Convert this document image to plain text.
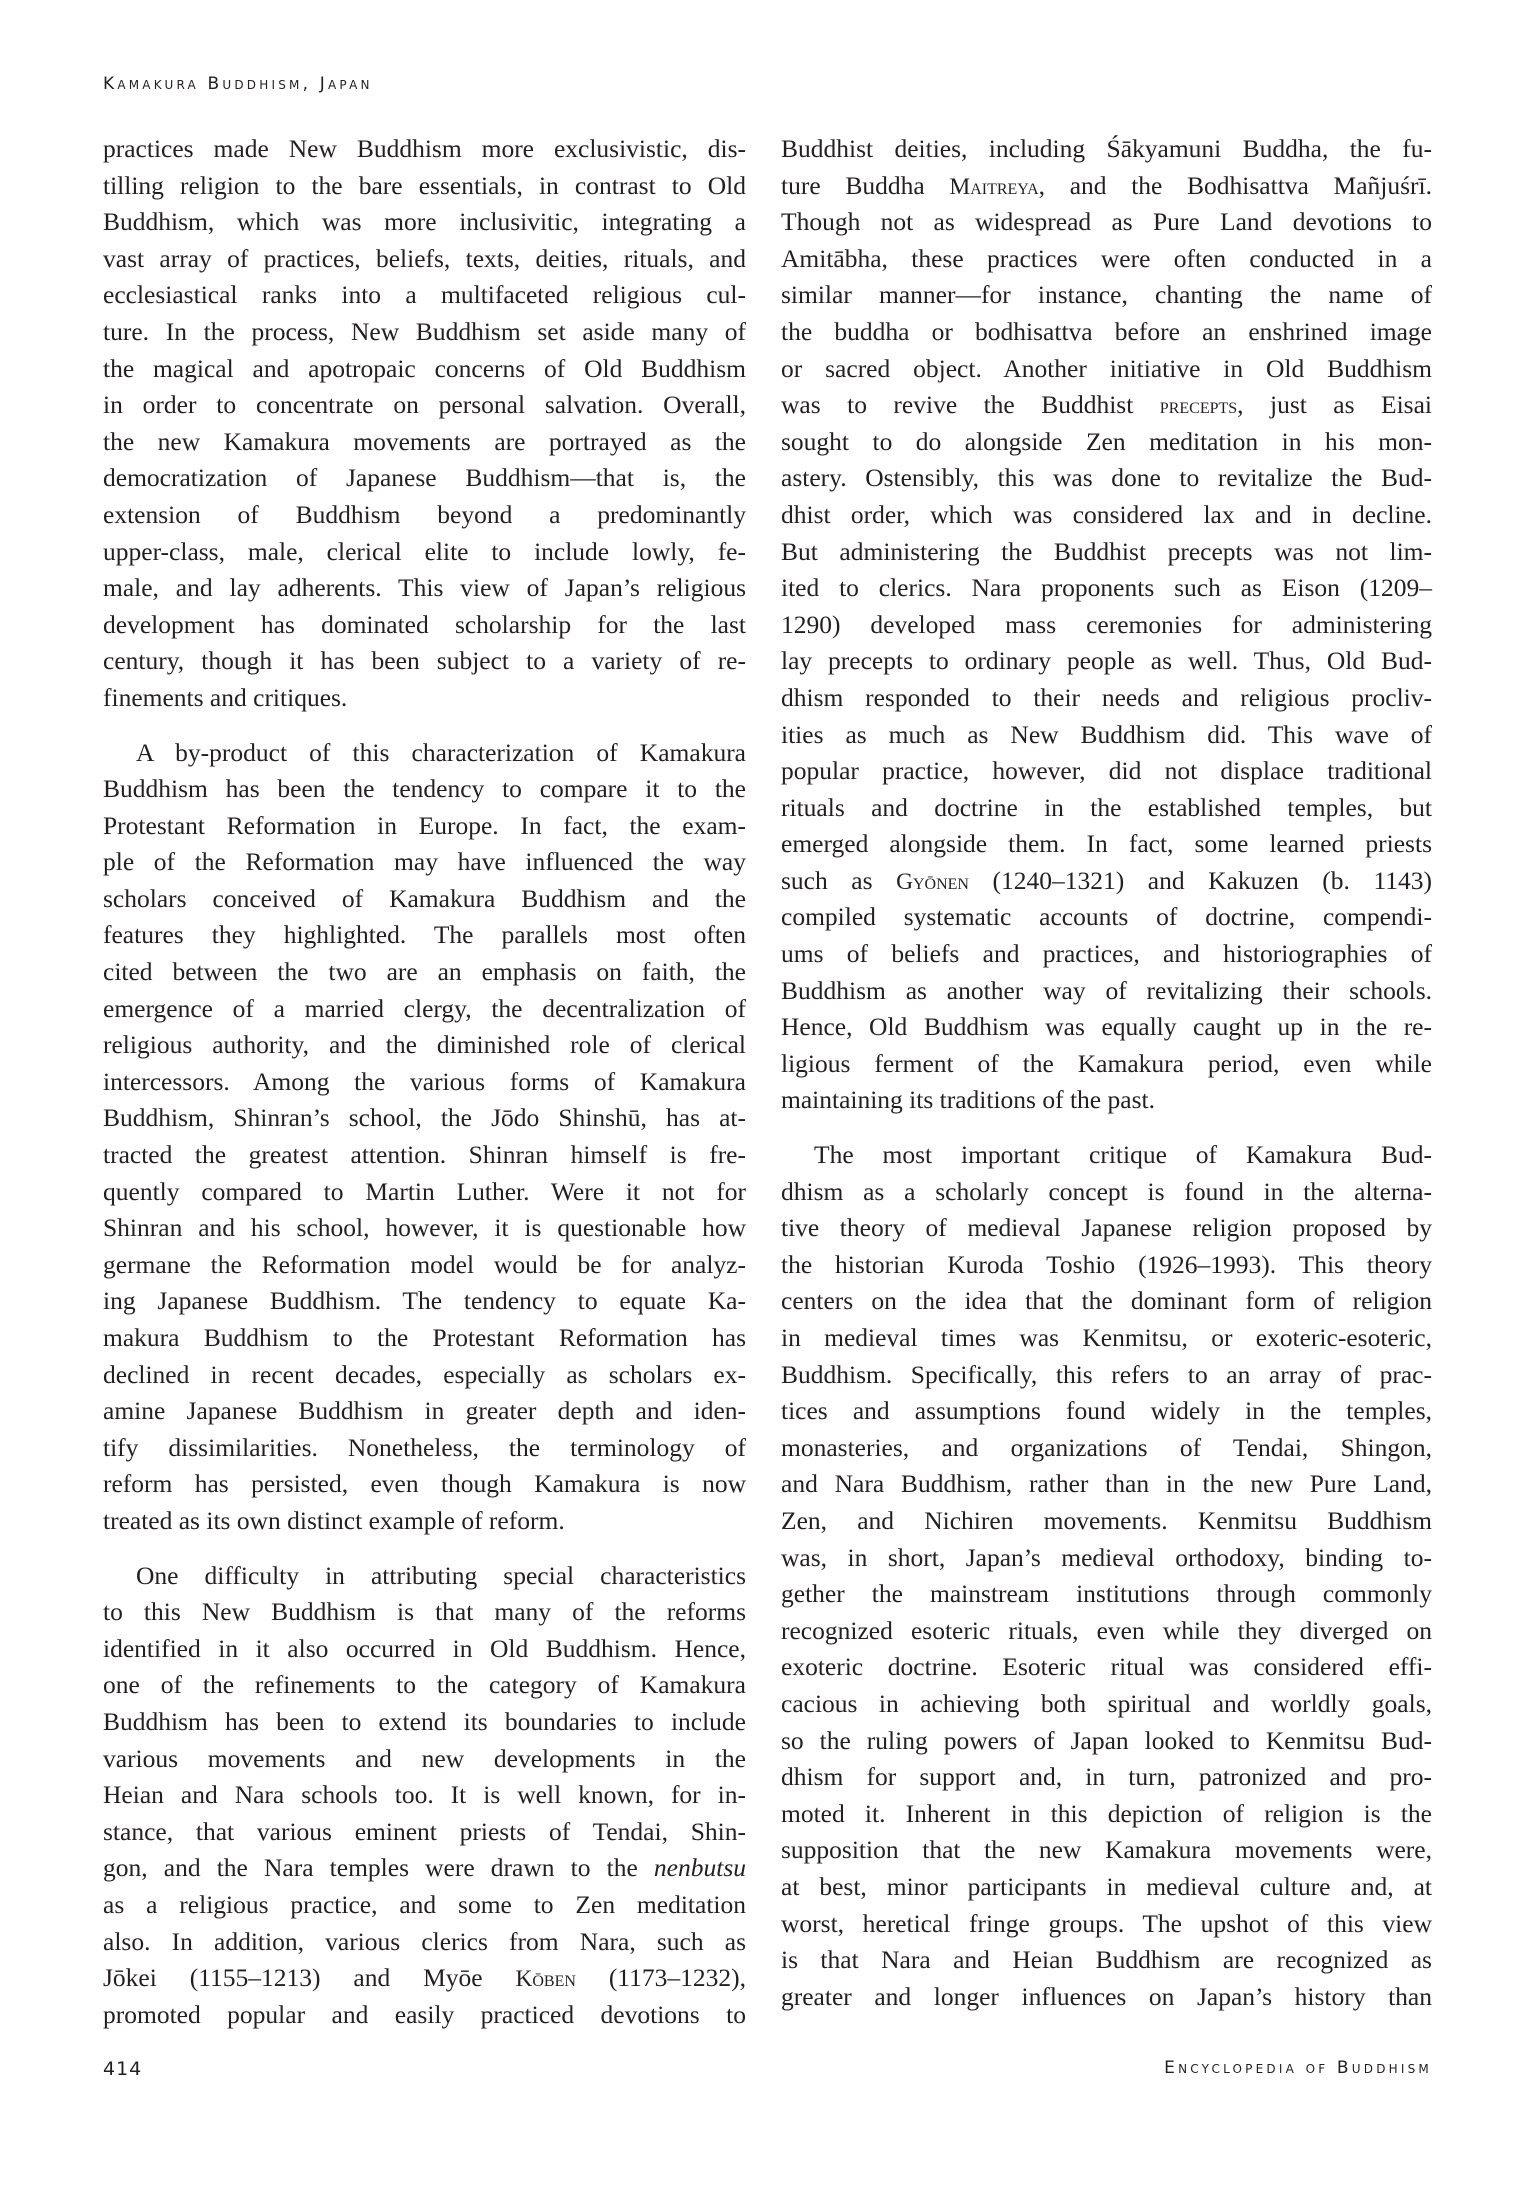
Kamakura Buddhism, Japan
practices made New Buddhism more exclusivistic, dis-
tilling religion to the bare essentials, in contrast to Old
Buddhism, which was more inclusivitic, integrating a
vast array of practices, beliefs, texts, deities, rituals, and
ecclesiastical ranks into a multifaceted religious cul-
ture. In the process, New Buddhism set aside many of
the magical and apotropaic concerns of Old Buddhism
in order to concentrate on personal salvation. Overall,
the new Kamakura movements are portrayed as the
democratization of Japanese Buddhism—that is, the
extension of Buddhism beyond a predominantly
upper-class, male, clerical elite to include lowly, fe-
male, and lay adherents. This view of Japan’s religious
development has dominated scholarship for the last
century, though it has been subject to a variety of re-
finements and critiques.
A by-product of this characterization of Kamakura
Buddhism has been the tendency to compare it to the
Protestant Reformation in Europe. In fact, the exam-
ple of the Reformation may have influenced the way
scholars conceived of Kamakura Buddhism and the
features they highlighted. The parallels most often
cited between the two are an emphasis on faith, the
emergence of a married clergy, the decentralization of
religious authority, and the diminished role of clerical
intercessors. Among the various forms of Kamakura
Buddhism, Shinran’s school, the Jōdo Shinshū, has at-
tracted the greatest attention. Shinran himself is fre-
quently compared to Martin Luther. Were it not for
Shinran and his school, however, it is questionable how
germane the Reformation model would be for analyz-
ing Japanese Buddhism. The tendency to equate Ka-
makura Buddhism to the Protestant Reformation has
declined in recent decades, especially as scholars ex-
amine Japanese Buddhism in greater depth and iden-
tify dissimilarities. Nonetheless, the terminology of
reform has persisted, even though Kamakura is now
treated as its own distinct example of reform.
One difficulty in attributing special characteristics
to this New Buddhism is that many of the reforms
identified in it also occurred in Old Buddhism. Hence,
one of the refinements to the category of Kamakura
Buddhism has been to extend its boundaries to include
various movements and new developments in the
Heian and Nara schools too. It is well known, for in-
stance, that various eminent priests of Tendai, Shin-
gon, and the Nara temples were drawn to the nenbutsu
as a religious practice, and some to Zen meditation
also. In addition, various clerics from Nara, such as
Jōkei (1155–1213) and Myōe Kōben (1173–1232),
promoted popular and easily practiced devotions to
Buddhist deities, including Śākyamuni Buddha, the fu-
ture Buddha Maitreya, and the Bodhisattva Mañjuśrī.
Though not as widespread as Pure Land devotions to
Amitābha, these practices were often conducted in a
similar manner—for instance, chanting the name of
the buddha or bodhisattva before an enshrined image
or sacred object. Another initiative in Old Buddhism
was to revive the Buddhist precepts, just as Eisai
sought to do alongside Zen meditation in his mon-
astery. Ostensibly, this was done to revitalize the Bud-
dhist order, which was considered lax and in decline.
But administering the Buddhist precepts was not lim-
ited to clerics. Nara proponents such as Eison (1209–
1290) developed mass ceremonies for administering
lay precepts to ordinary people as well. Thus, Old Bud-
dhism responded to their needs and religious procliv-
ities as much as New Buddhism did. This wave of
popular practice, however, did not displace traditional
rituals and doctrine in the established temples, but
emerged alongside them. In fact, some learned priests
such as Gyōnen (1240–1321) and Kakuzen (b. 1143)
compiled systematic accounts of doctrine, compendi-
ums of beliefs and practices, and historiographies of
Buddhism as another way of revitalizing their schools.
Hence, Old Buddhism was equally caught up in the re-
ligious ferment of the Kamakura period, even while
maintaining its traditions of the past.
The most important critique of Kamakura Bud-
dhism as a scholarly concept is found in the alterna-
tive theory of medieval Japanese religion proposed by
the historian Kuroda Toshio (1926–1993). This theory
centers on the idea that the dominant form of religion
in medieval times was Kenmitsu, or exoteric-esoteric,
Buddhism. Specifically, this refers to an array of prac-
tices and assumptions found widely in the temples,
monasteries, and organizations of Tendai, Shingon,
and Nara Buddhism, rather than in the new Pure Land,
Zen, and Nichiren movements. Kenmitsu Buddhism
was, in short, Japan’s medieval orthodoxy, binding to-
gether the mainstream institutions through commonly
recognized esoteric rituals, even while they diverged on
exoteric doctrine. Esoteric ritual was considered effi-
cacious in achieving both spiritual and worldly goals,
so the ruling powers of Japan looked to Kenmitsu Bud-
dhism for support and, in turn, patronized and pro-
moted it. Inherent in this depiction of religion is the
supposition that the new Kamakura movements were,
at best, minor participants in medieval culture and, at
worst, heretical fringe groups. The upshot of this view
is that Nara and Heian Buddhism are recognized as
greater and longer influences on Japan’s history than
414	Encyclopedia of Buddhism
